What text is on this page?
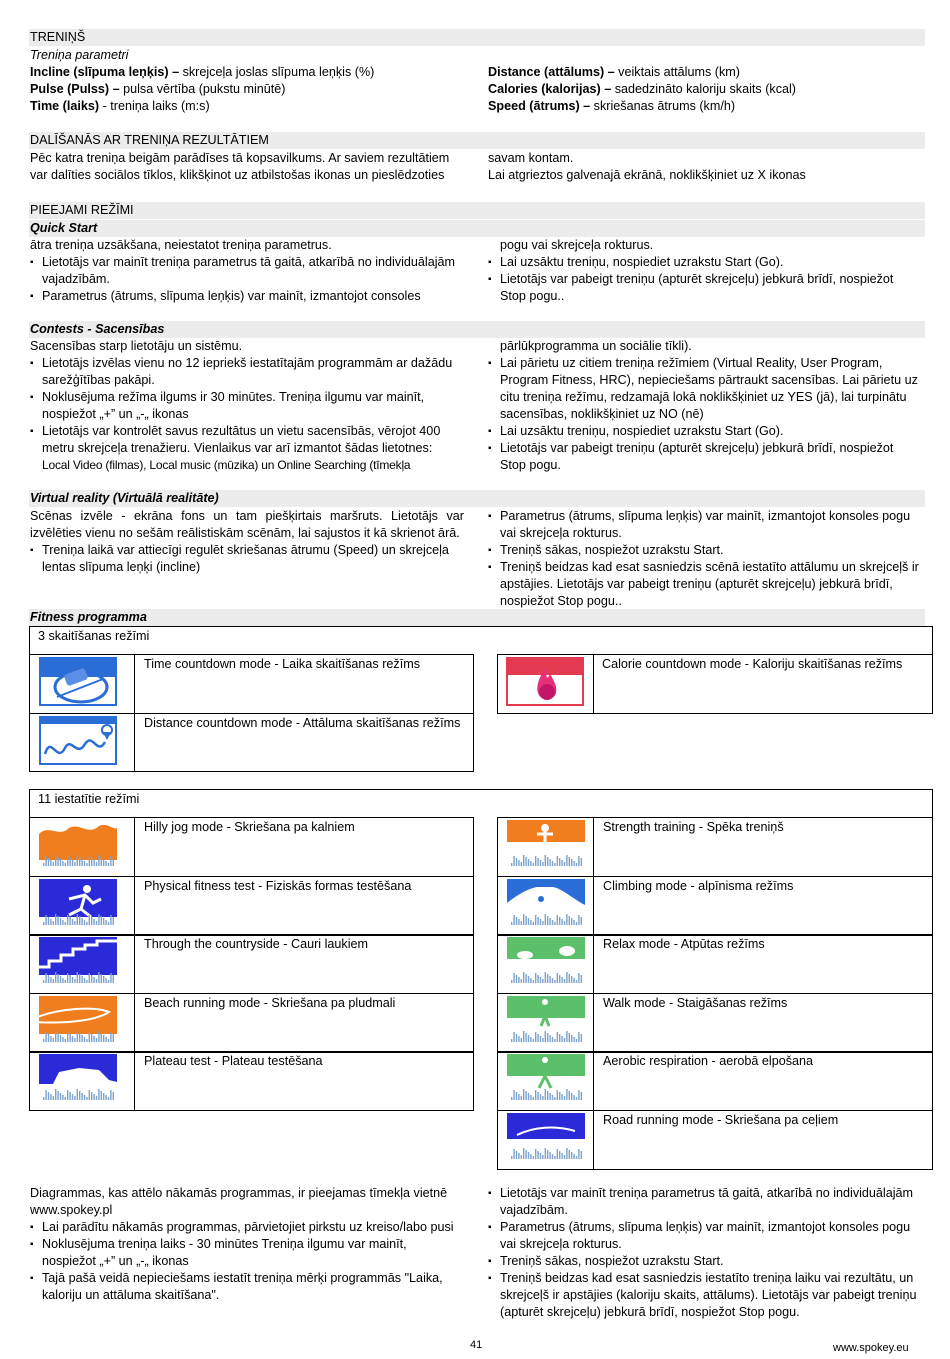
TRENIŅŠ
Treniņa parametri
Incline (slīpuma leņķis) – skrejceļa joslas slīpuma leņķis (%)
Pulse (Pulss) – pulsa vērtība (pukstu minūtē)
Time (laiks) - treniņa laiks (m:s)
Distance (attālums) – veiktais attālums (km)
Calories (kalorijas) – sadedzināto kaloriju skaits (kcal)
Speed (ātrums) – skriešanas ātrums (km/h)
DALĪŠANĀS AR TRENIŅA REZULTĀTIEM
Pēc katra treniņa beigām parādīses tā kopsavilkums. Ar saviem rezultātiem
var dalīties sociālos tīklos, klikšķinot uz atbilstošas ikonas un pieslēdzoties
savam kontam.
Lai atgrieztos galvenajā ekrānā, noklikšķiniet uz X ikonas
PIEEJAMI REŽĪMI
Quick Start
ātra treniņa uzsākšana, neiestatot treniņa parametrus.
▪ Lietotājs var mainīt treniņa parametrus tā gaitā, atkarībā no individuālajām vajadzībām.
▪ Parametrus (ātrums, slīpuma leņķis) var mainīt, izmantojot consoles
pogu vai skrejceļa rokturus.
▪ Lai uzsāktu treniņu, nospiediet uzrakstu Start (Go).
▪ Lietotājs var pabeigt treniņu (apturēt skrejceļu) jebkurā brīdī, nospiežot Stop pogu..
Contests - Sacensības
Sacensības starp lietotāju un sistēmu.
▪ Lietotājs izvēlas vienu no 12 iepriekš iestatītajām programmām ar dažādu sarežģītības pakāpi.
▪ Noklusējuma režīma ilgums ir 30 minūtes. Treniņa ilgumu var mainīt, nospiežot „+” un „-„ ikonas
▪ Lietotājs var kontrolēt savus rezultātus un vietu sacensībās, vērojot 400 metru skrejceļa trenažieru. Vienlaikus var arī izmantot šādas lietotnes:
Local Video (filmas), Local music (mūzika) un Online Searching (tīmekļa
pārlūkprogramma un sociālie tīkli).
▪ Lai pārietu uz citiem treniņa režīmiem (Virtual Reality, User Program, Program Fitness, HRC), nepieciešams pārtraukt sacensības. Lai pārietu uz citu treniņa režīmu, redzamajā lokā noklikšķiniet uz YES (jā), lai turpinātu sacensības, noklikšķiniet uz NO (nē)
▪ Lai uzsāktu treniņu, nospiediet uzrakstu Start (Go).
▪ Lietotājs var pabeigt treniņu (apturēt skrejceļu) jebkurā brīdī, nospiežot Stop pogu.
Virtual reality (Virtuālā realitāte)
Scēnas izvēle - ekrāna fons un tam piešķirtais maršruts. Lietotājs var izvēlēties vienu no sešām reālistiskām scēnām, lai sajustos it kā skrienot ārā.
▪ Treniņa laikā var attiecīgi regulēt skriešanas ātrumu (Speed) un skrejceļa lentas slīpuma leņķi (incline)
▪ Parametrus (ātrums, slīpuma leņķis) var mainīt, izmantojot konsoles pogu vai skrejceļa rokturus.
▪ Treniņš sākas, nospiežot uzrakstu Start.
▪ Treniņš beidzas kad esat sasniedzis scēnā iestatīto attālumu un skrejceļš ir apstājies. Lietotājs var pabeigt treniņu (apturēt skrejceļu) jebkurā brīdī, nospiežot Stop pogu..
Fitness programma
3 skaitīšanas režīmi
Time countdown mode - Laika skaitīšanas režīms	Calorie countdown mode - Kaloriju skaitīšanas režīms
Distance countdown mode - Attāluma skaitīšanas režīms
11 iestatītie režīmi
Hilly jog mode - Skriešana pa kalniem
Physical fitness test - Fiziskās formas testēšana
Through the countryside - Cauri laukiem
Beach running mode - Skriešana pa pludmali
Plateau test - Plateau testēšana
Strength training - Spēka treniņš
Climbing mode - alpīnisma režīms
Relax mode - Atpūtas režīms
Walk mode - Staigāšanas režīms
Aerobic respiration - aerobā elpošana
Road running mode - Skriešana pa ceļiem
Diagrammas, kas attēlo nākamās programmas, ir pieejamas tīmekļa vietnē www.spokey.pl
▪ Lai parādītu nākamās programmas, pārvietojiet pirkstu uz kreiso/labo pusi
▪ Noklusējuma treniņa laiks - 30 minūtes Treniņa ilgumu var mainīt, nospiežot „+” un „-„ ikonas
▪ Tajā pašā veidā nepieciešams iestatīt treniņa mērķi programmās "Laika, kaloriju un attāluma skaitīšana".
▪ Lietotājs var mainīt treniņa parametrus tā gaitā, atkarībā no individuālajām vajadzībām.
▪ Parametrus (ātrums, slīpuma leņķis) var mainīt, izmantojot konsoles pogu vai skrejceļa rokturus.
▪ Treniņš sākas, nospiežot uzrakstu Start.
▪ Treniņš beidzas kad esat sasniedzis iestatīto treniņa laiku vai rezultātu, un skrejceļš ir apstājies (kaloriju skaits, attālums). Lietotājs var pabeigt treniņu (apturēt skrejceļu) jebkurā brīdī, nospiežot Stop pogu.
41	www.spokey.eu
